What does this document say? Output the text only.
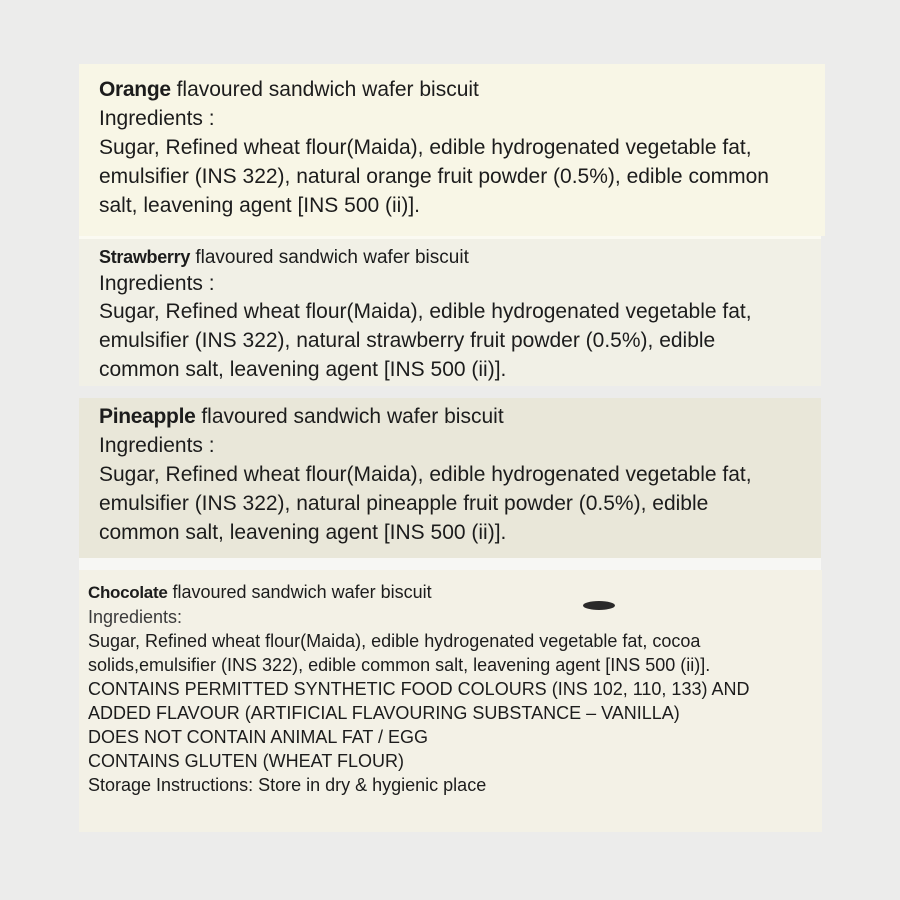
Orange flavoured sandwich wafer biscuit
Ingredients :
Sugar, Refined wheat flour(Maida), edible hydrogenated vegetable fat,
emulsifier (INS 322), natural orange fruit powder (0.5%), edible common
salt, leavening agent [INS 500 (ii)].
Strawberry flavoured sandwich wafer biscuit
Ingredients :
Sugar, Refined wheat flour(Maida), edible hydrogenated vegetable fat,
emulsifier (INS 322), natural strawberry fruit powder (0.5%), edible
common salt, leavening agent [INS 500 (ii)].
Pineapple flavoured sandwich wafer biscuit
Ingredients :
Sugar, Refined wheat flour(Maida), edible hydrogenated vegetable fat,
emulsifier (INS 322), natural pineapple fruit powder (0.5%), edible
common salt, leavening agent [INS 500 (ii)].
Chocolate flavoured sandwich wafer biscuit
Ingredients:
Sugar, Refined wheat flour(Maida), edible hydrogenated vegetable fat, cocoa
solids,emulsifier (INS 322), edible common salt, leavening agent [INS 500 (ii)].
CONTAINS PERMITTED SYNTHETIC FOOD COLOURS (INS 102, 110, 133) AND
ADDED FLAVOUR (ARTIFICIAL FLAVOURING SUBSTANCE – VANILLA)
DOES NOT CONTAIN ANIMAL FAT / EGG
CONTAINS GLUTEN (WHEAT FLOUR)
Storage Instructions: Store in dry & hygienic place
